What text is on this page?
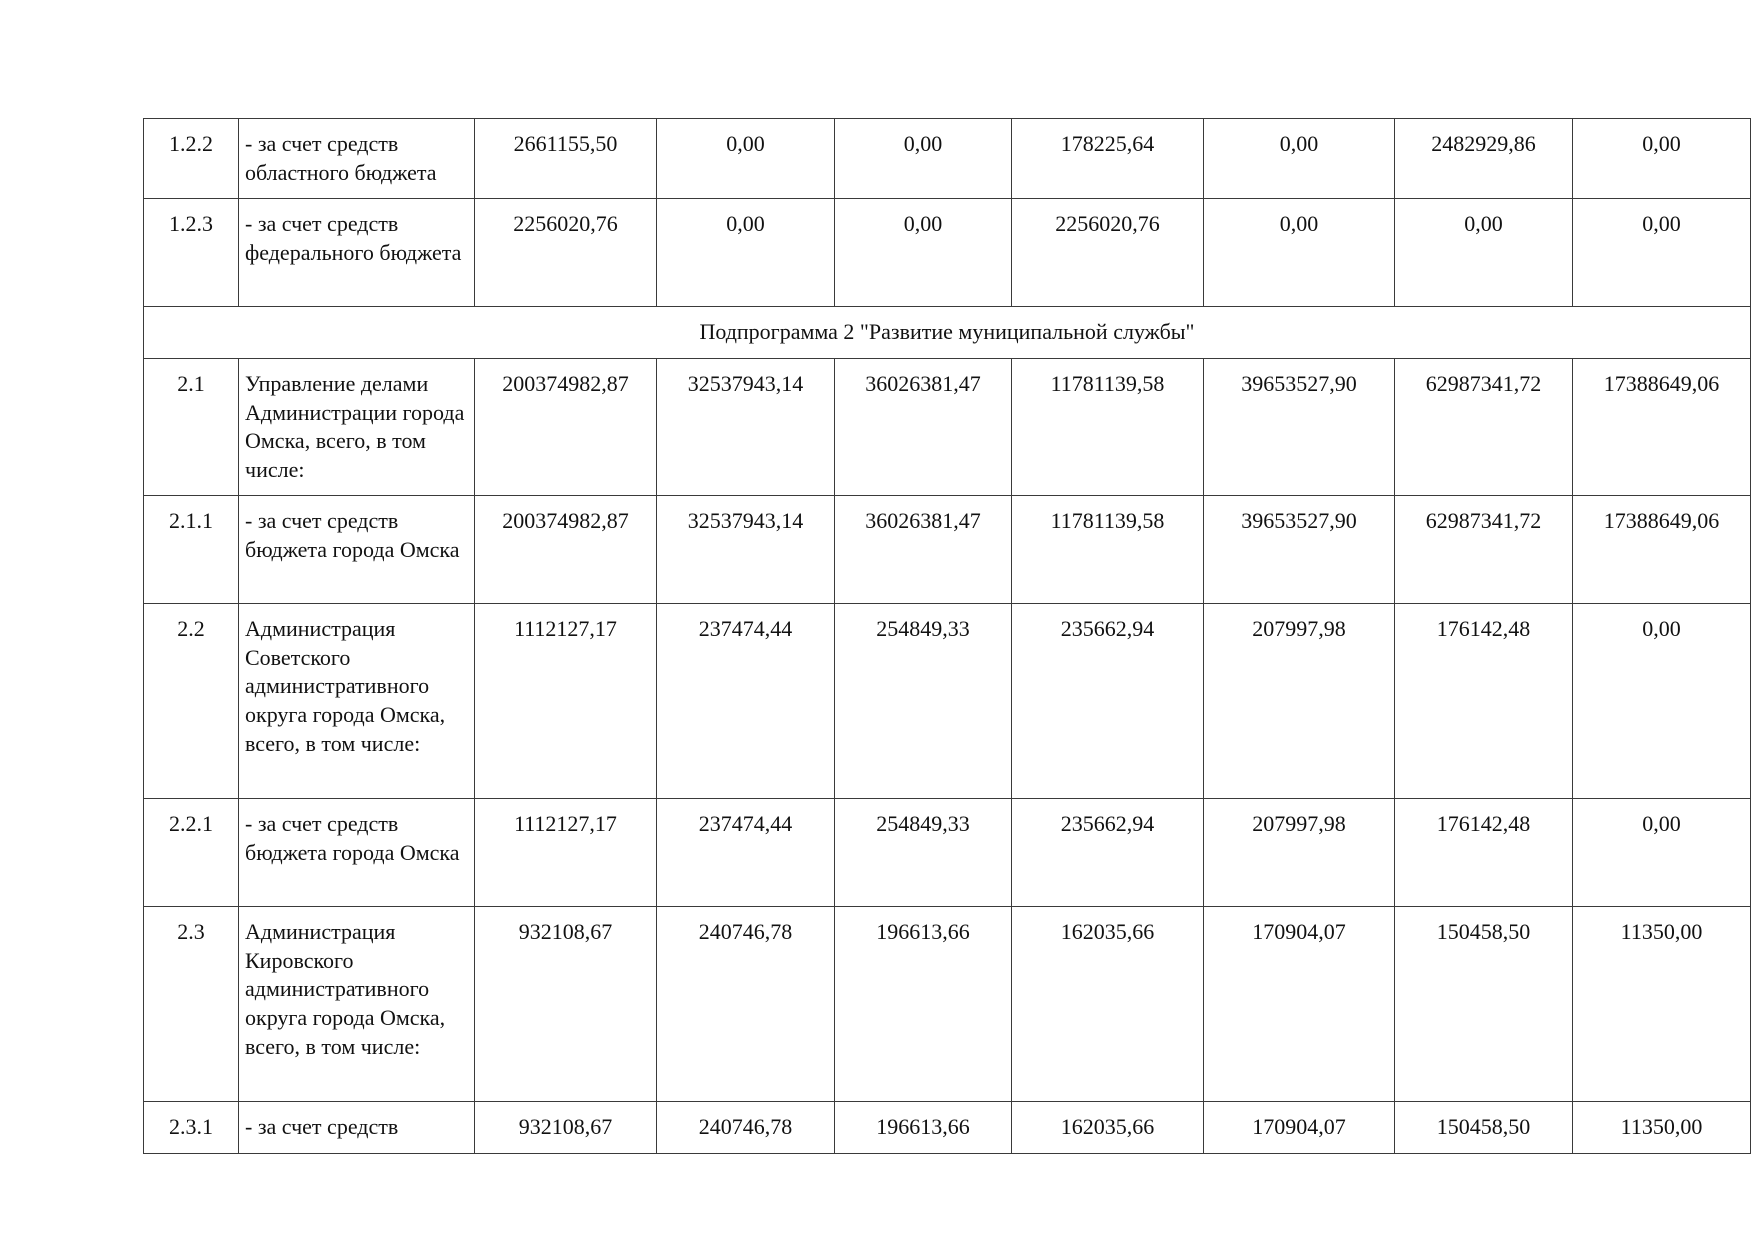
1.2.2	- за счет средств областного бюджета	2661155,50	0,00	0,00	178225,64	0,00	2482929,86	0,00
1.2.3	- за счет средств федерального бюджета	2256020,76	0,00	0,00	2256020,76	0,00	0,00	0,00
Подпрограмма 2 "Развитие муниципальной службы"								
2.1	Управление делами Администрации города Омска, всего, в том числе:	200374982,87	32537943,14	36026381,47	11781139,58	39653527,90	62987341,72	17388649,06
2.1.1	- за счет средств бюджета города Омска	200374982,87	32537943,14	36026381,47	11781139,58	39653527,90	62987341,72	17388649,06
2.2	Администрация Советского административного округа города Омска, всего, в том числе:	1112127,17	237474,44	254849,33	235662,94	207997,98	176142,48	0,00
2.2.1	- за счет средств бюджета города Омска	1112127,17	237474,44	254849,33	235662,94	207997,98	176142,48	0,00
2.3	Администрация Кировского административного округа города Омска, всего, в том числе:	932108,67	240746,78	196613,66	162035,66	170904,07	150458,50	11350,00
2.3.1	- за счет средств	932108,67	240746,78	196613,66	162035,66	170904,07	150458,50	11350,00
